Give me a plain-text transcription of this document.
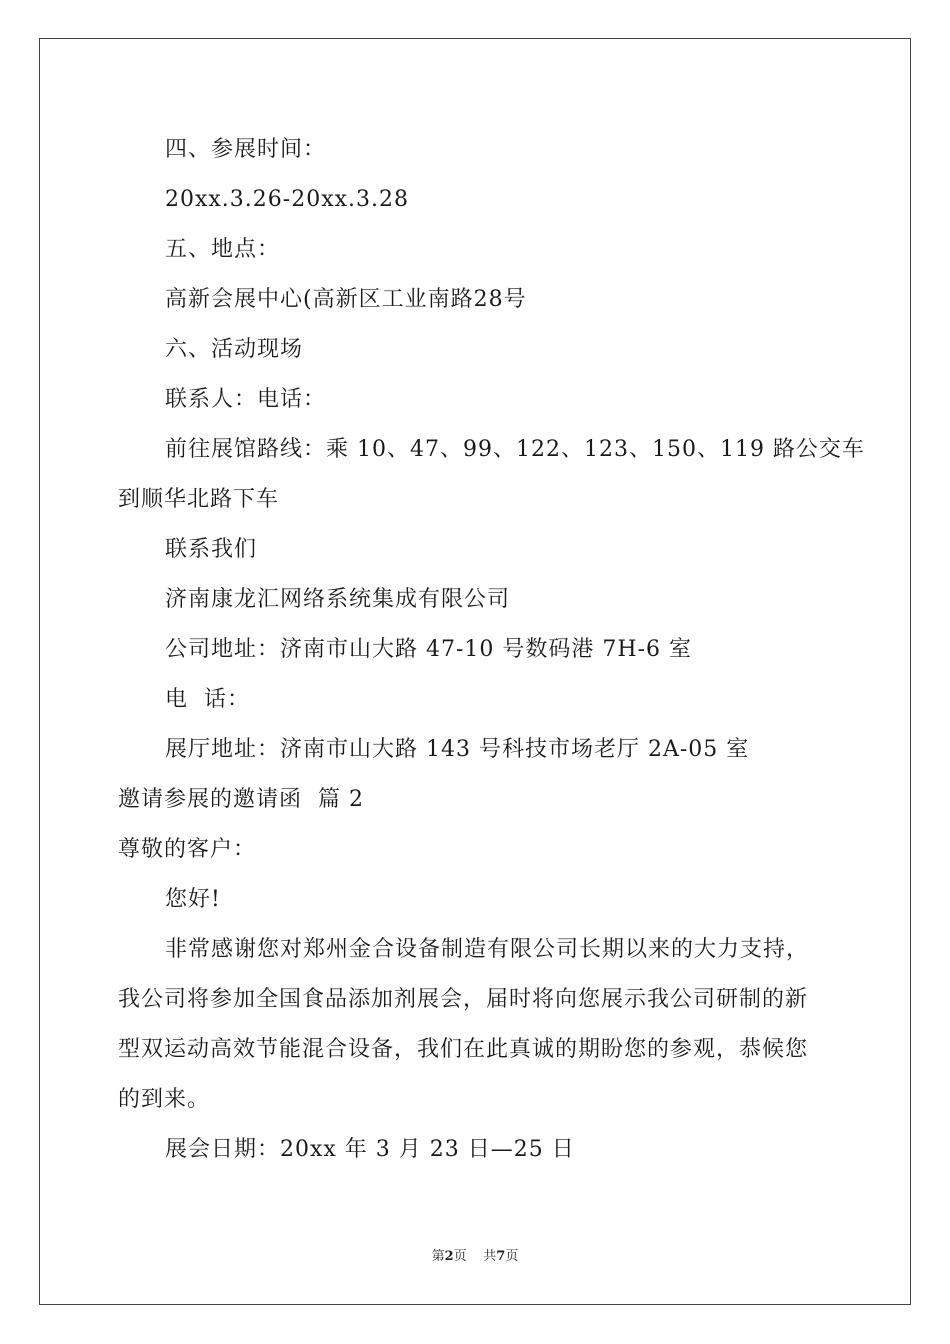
四、参展时间：
20xx.3.26-20xx.3.28
五、地点：
高新会展中心(高新区工业南路28号
六、活动现场
联系人：电话：
前往展馆路线：乘 10、47、99、122、123、150、119 路公交车
到顺华北路下车
联系我们
济南康龙汇网络系统集成有限公司
公司地址：济南市山大路 47-10 号数码港 7H-6 室
电  话：
展厅地址：济南市山大路 143 号科技市场老厅 2A-05 室
邀请参展的邀请函  篇 2
尊敬的客户：
您好!
非常感谢您对郑州金合设备制造有限公司长期以来的大力支持，
我公司将参加全国食品添加剂展会，届时将向您展示我公司研制的新
型双运动高效节能混合设备，我们在此真诚的期盼您的参观，恭候您
的到来。
展会日期：20xx 年 3 月 23 日—25 日
第2页 共7页
